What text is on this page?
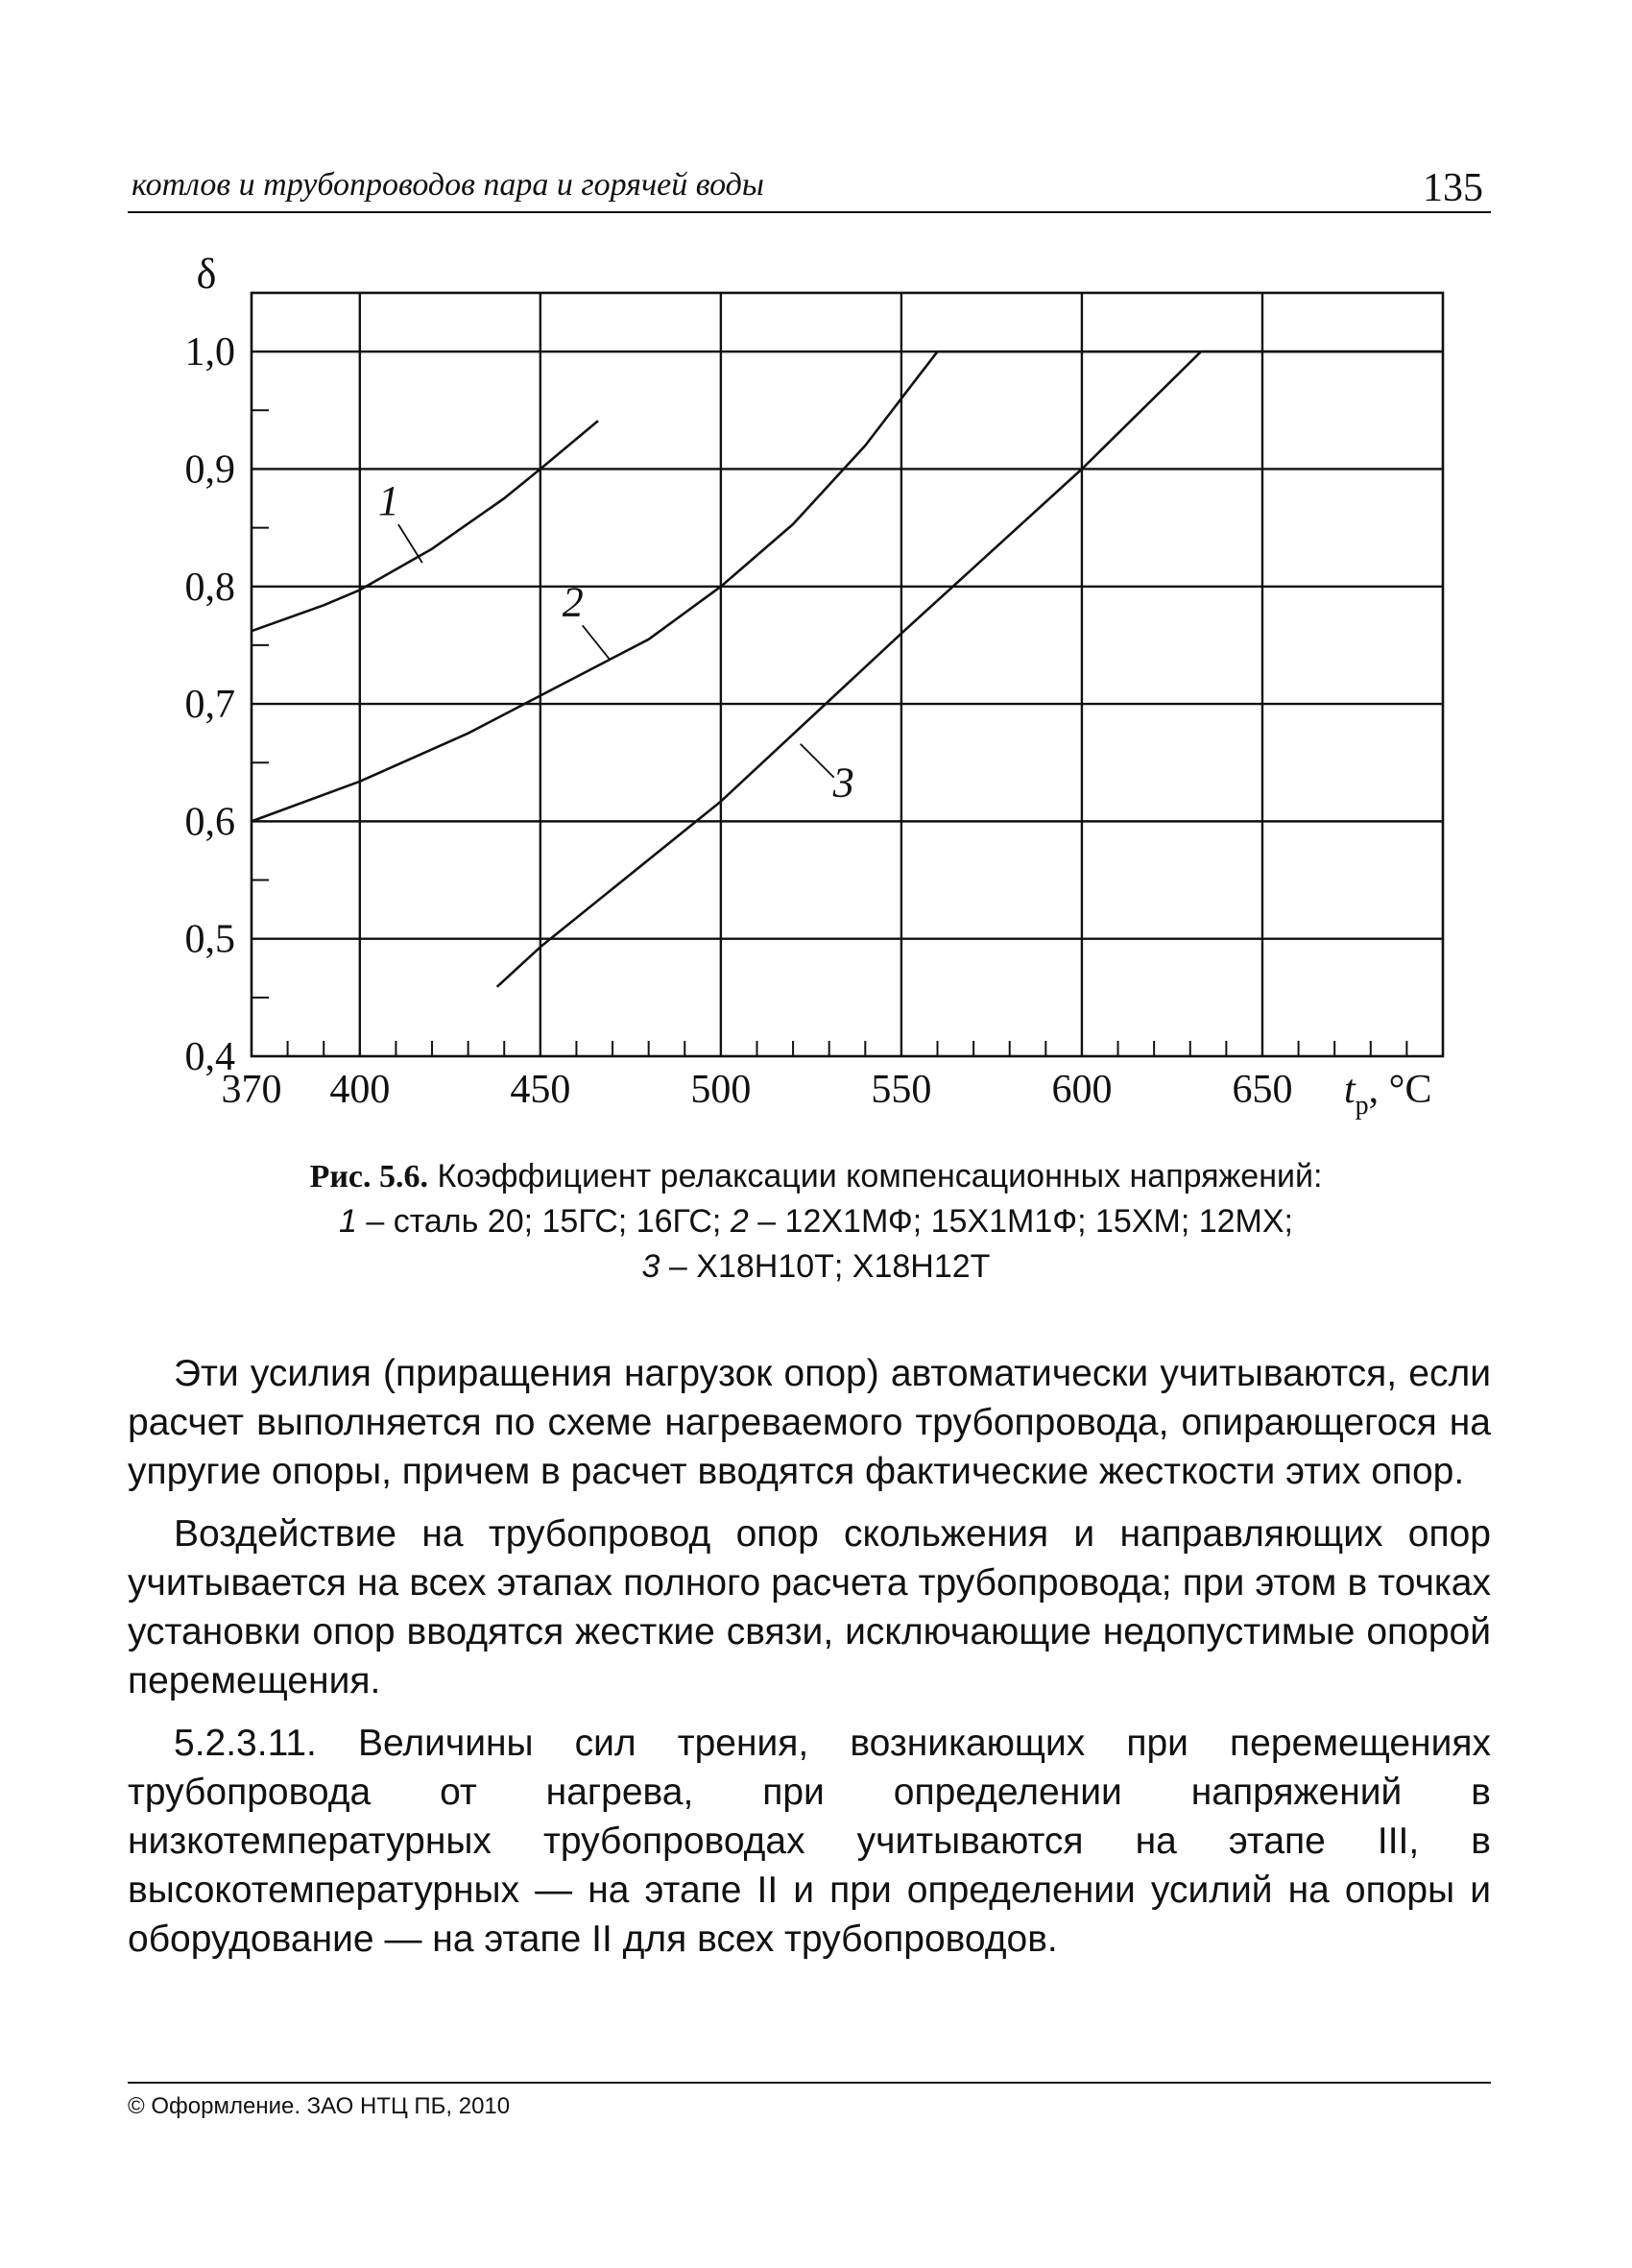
котлов и трубопроводов пара и горячей воды	135
370 400	450	500	550	600	650
0,4
0,5
0,6
0,7
0,8
0,9
1,0
δ
$t_р$, °C
1
2
3
Рис. 5.6. Коэффициент релаксации компенсационных напряжений:
1 – сталь 20; 15ГС; 16ГС; 2 – 12Х1МФ; 15Х1М1Ф; 15ХМ; 12МХ;
3 – Х18Н10Т; Х18Н12Т

Эти усилия (приращения нагрузок опор) автоматически учитываются, если расчет выполняется по схеме нагреваемого трубопровода, опирающегося на упругие опоры, причем в расчет вводятся фактические жесткости этих опор.

Воздействие на трубопровод опор скольжения и направляющих опор учитывается на всех этапах полного расчета трубопровода; при этом в точках установки опор вводятся жесткие связи, исключающие недопустимые опорой перемещения.

5.2.3.11. Величины сил трения, возникающих при перемещениях трубопровода от нагрева, при определении напряжений в низкотемпературных трубопроводах учитываются на этапе III, в высокотемпературных — на этапе II и при определении усилий на опоры и оборудование — на этапе II для всех трубопроводов.

© Оформление. ЗАО НТЦ ПБ, 2010
